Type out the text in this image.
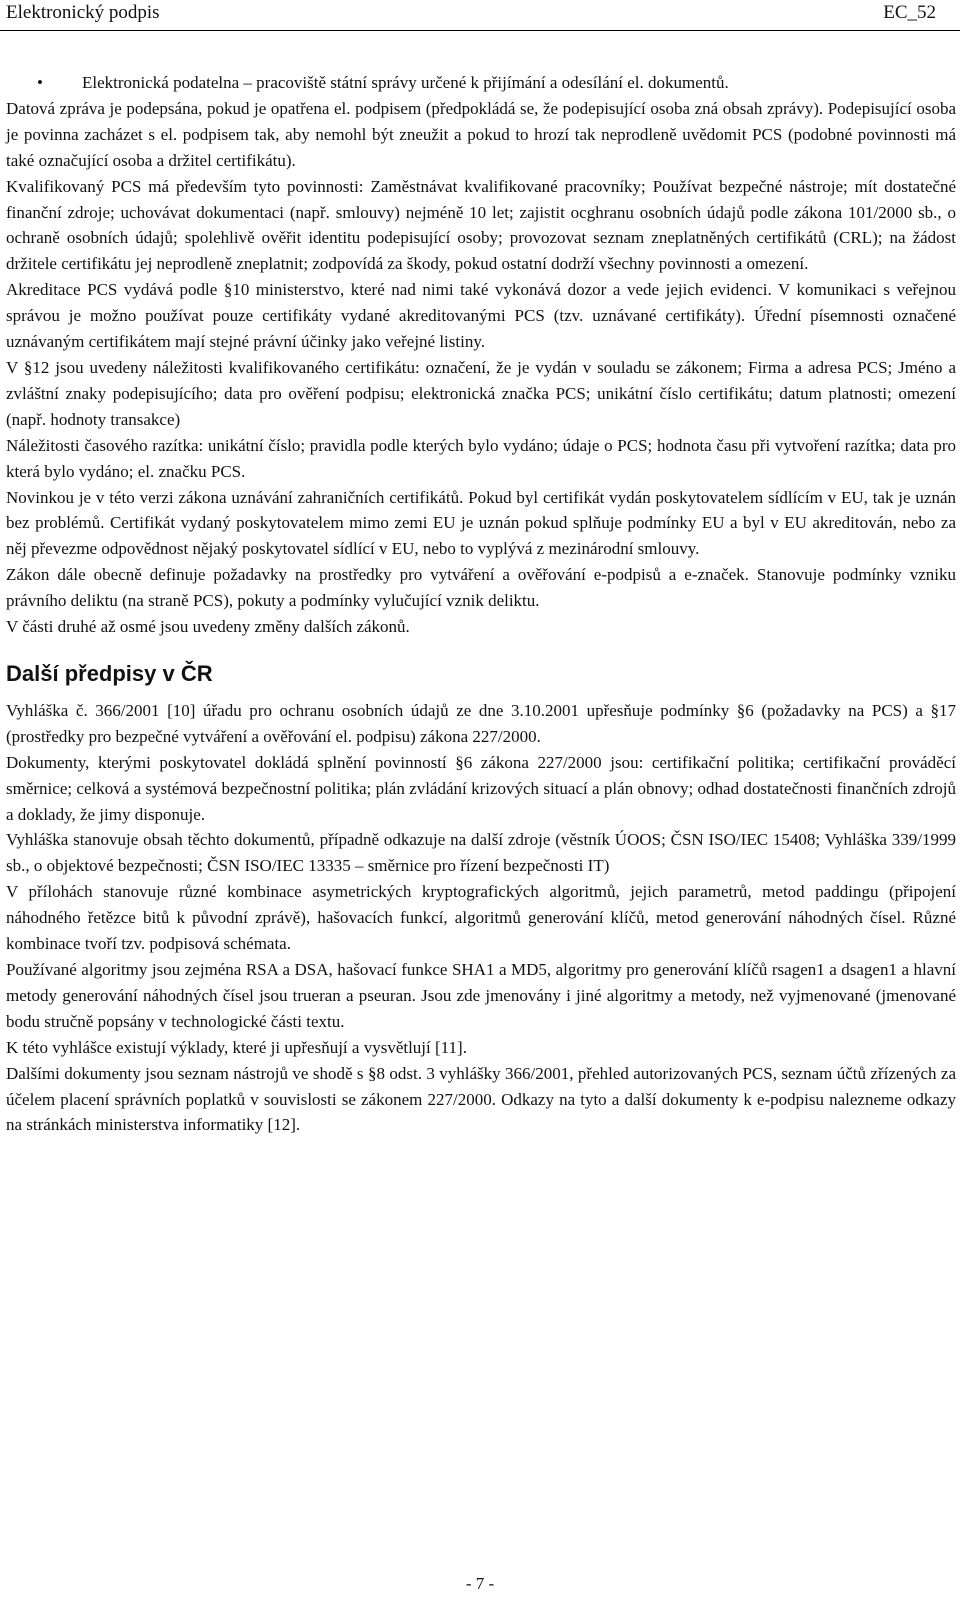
Elektronický podpis	EC_52
• Elektronická podatelna – pracoviště státní správy určené k přijímání a odesílání el. dokumentů.

Datová zpráva je podepsána, pokud je opatřena el. podpisem (předpokládá se, že podepisující osoba zná obsah zprávy). Podepisující osoba je povinna zacházet s el. podpisem tak, aby nemohl být zneužit a pokud to hrozí tak neprodleně uvědomit PCS (podobné povinnosti má také označující osoba a držitel certifikátu).

Kvalifikovaný PCS má především tyto povinnosti: Zaměstnávat kvalifikované pracovníky; Používat bezpečné nástroje; mít dostatečné finanční zdroje; uchovávat dokumentaci (např. smlouvy) nejméně 10 let; zajistit ocghranu osobních údajů podle zákona 101/2000 sb., o ochraně osobních údajů; spolehlivě ověřit identitu podepisující osoby; provozovat seznam zneplatněných certifikátů (CRL); na žádost držitele certifikátu jej neprodleně zneplatnit; zodpovídá za škody, pokud ostatní dodrží všechny povinnosti a omezení.

Akreditace PCS vydává podle §10 ministerstvo, které nad nimi také vykonává dozor a vede jejich evidenci. V komunikaci s veřejnou správou je možno používat pouze certifikáty vydané akreditovanými PCS (tzv. uznávané certifikáty). Úřední písemnosti označené uznávaným certifikátem mají stejné právní účinky jako veřejné listiny.

V §12 jsou uvedeny náležitosti kvalifikovaného certifikátu: označení, že je vydán v souladu se zákonem; Firma a adresa PCS; Jméno a zvláštní znaky podepisujícího; data pro ověření podpisu; elektronická značka PCS; unikátní číslo certifikátu; datum platnosti; omezení (např. hodnoty transakce)

Náležitosti časového razítka: unikátní číslo; pravidla podle kterých bylo vydáno; údaje o PCS; hodnota času při vytvoření razítka; data pro která bylo vydáno; el. značku PCS.

Novinkou je v této verzi zákona uznávání zahraničních certifikátů. Pokud byl certifikát vydán poskytovatelem sídlícím v EU, tak je uznán bez problémů. Certifikát vydaný poskytovatelem mimo zemi EU je uznán pokud splňuje podmínky EU a byl v EU akreditován, nebo za něj převezme odpovědnost nějaký poskytovatel sídlící v EU, nebo to vyplývá z mezinárodní smlouvy.

Zákon dále obecně definuje požadavky na prostředky pro vytváření a ověřování e-podpisů a e-značek. Stanovuje podmínky vzniku právního deliktu (na straně PCS), pokuty a podmínky vylučující vznik deliktu.

V části druhé až osmé jsou uvedeny změny dalších zákonů.

Další předpisy v ČR

Vyhláška č. 366/2001 [10] úřadu pro ochranu osobních údajů ze dne 3.10.2001 upřesňuje podmínky §6 (požadavky na PCS) a §17 (prostředky pro bezpečné vytváření a ověřování el. podpisu) zákona 227/2000.

Dokumenty, kterými poskytovatel dokládá splnění povinností §6 zákona 227/2000 jsou: certifikační politika; certifikační prováděcí směrnice; celková a systémová bezpečnostní politika; plán zvládání krizových situací a plán obnovy; odhad dostatečnosti finančních zdrojů a doklady, že jimy disponuje.

Vyhláška stanovuje obsah těchto dokumentů, případně odkazuje na další zdroje (věstník ÚOOS; ČSN ISO/IEC 15408; Vyhláška 339/1999 sb., o objektové bezpečnosti; ČSN ISO/IEC 13335 – směrnice pro řízení bezpečnosti IT)

V přílohách stanovuje různé kombinace asymetrických kryptografických algoritmů, jejich parametrů, metod paddingu (připojení náhodného řetězce bitů k původní zprávě), hašovacích funkcí, algoritmů generování klíčů, metod generování náhodných čísel. Různé kombinace tvoří tzv. podpisová schémata.

Používané algoritmy jsou zejména RSA a DSA, hašovací funkce SHA1 a MD5, algoritmy pro generování klíčů rsagen1 a dsagen1 a hlavní metody generování náhodných čísel jsou trueran a pseuran. Jsou zde jmenovány i jiné algoritmy a metody, než vyjmenované (jmenované bodu stručně popsány v technologické části textu.

K této vyhlášce existují výklady, které ji upřesňují a vysvětlují [11].

Dalšími dokumenty jsou seznam nástrojů ve shodě s §8 odst. 3 vyhlášky 366/2001, přehled autorizovaných PCS, seznam účtů zřízených za účelem placení správních poplatků v souvislosti se zákonem 227/2000. Odkazy na tyto a další dokumenty k e-podpisu nalezneme odkazy na stránkách ministerstva informatiky [12].

- 7 -
